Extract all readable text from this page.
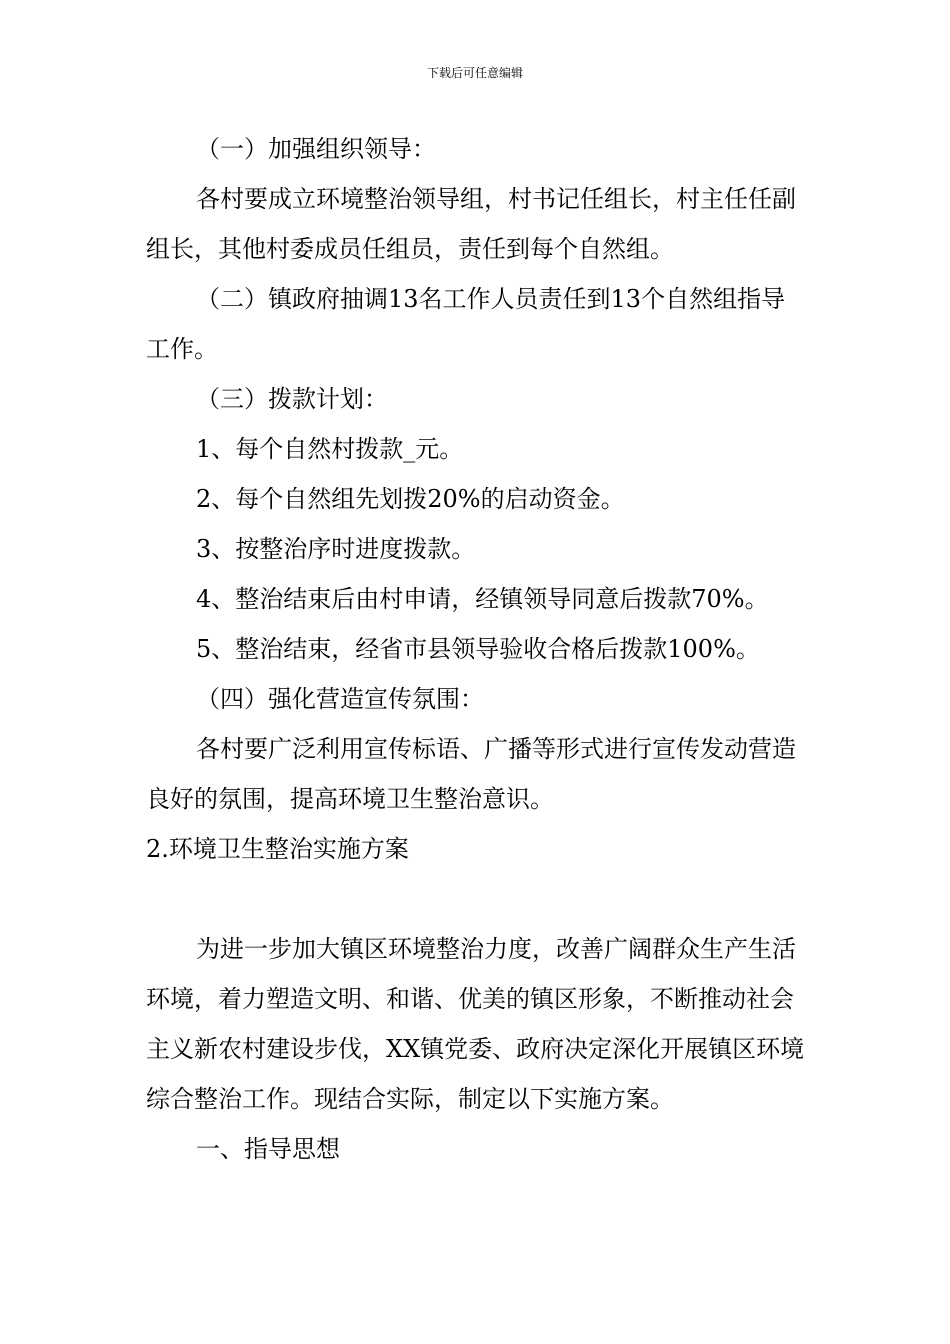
下载后可任意编辑

（一）加强组织领导：

各村要成立环境整治领导组，村书记任组长，村主任任副组长，其他村委成员任组员，责任到每个自然组。

（二）镇政府抽调13名工作人员责任到13个自然组指导工作。

（三）拨款计划：

1、每个自然村拨款_元。

2、每个自然组先划拨20%的启动资金。

3、按整治序时进度拨款。

4、整治结束后由村申请，经镇领导同意后拨款70%。

5、整治结束，经省市县领导验收合格后拨款100%。

（四）强化营造宣传氛围：

各村要广泛利用宣传标语、广播等形式进行宣传发动营造良好的氛围，提高环境卫生整治意识。

2.环境卫生整治实施方案

为进一步加大镇区环境整治力度，改善广阔群众生产生活环境，着力塑造文明、和谐、优美的镇区形象，不断推动社会主义新农村建设步伐，XX镇党委、政府决定深化开展镇区环境综合整治工作。现结合实际，制定以下实施方案。

一、指导思想
